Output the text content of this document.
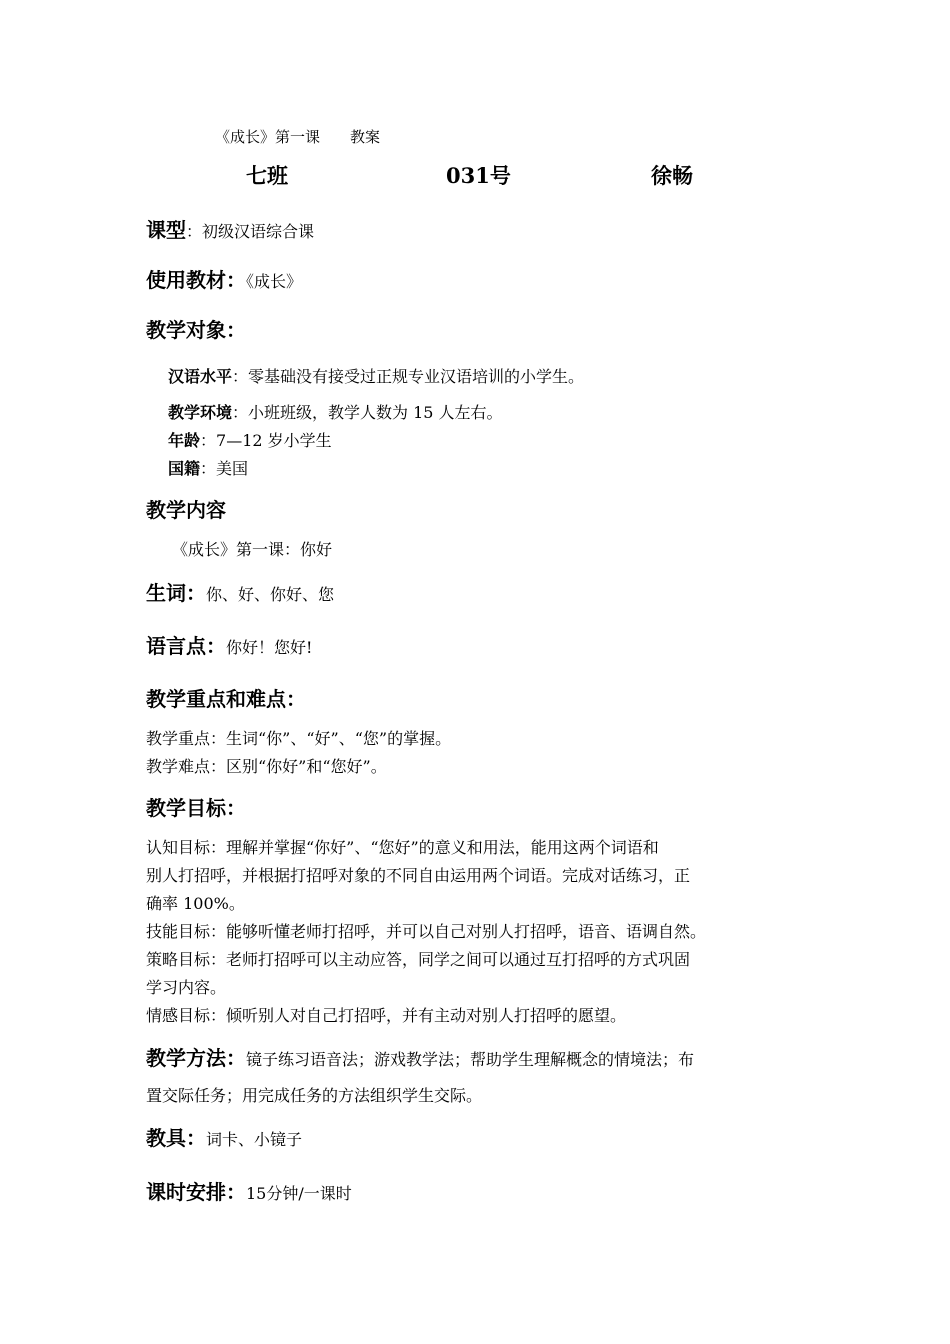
《成长》第一课　　教案
七班	031号	徐畅
课型：初级汉语综合课
使用教材：《成长》
教学对象：
汉语水平：零基础没有接受过正规专业汉语培训的小学生。
教学环境：小班班级，教学人数为 15 人左右。
年龄：7—12 岁小学生
国籍：美国
教学内容
《成长》第一课：你好
生词：你、好、你好、您
语言点：你好！您好!
教学重点和难点：
教学重点：生词“你”、“好”、“您”的掌握。
教学难点：区别“你好”和“您好”。
教学目标：
认知目标：理解并掌握“你好”、“您好”的意义和用法，能用这两个词语和
别人打招呼，并根据打招呼对象的不同自由运用两个词语。完成对话练习，正
确率 100%。
技能目标：能够听懂老师打招呼，并可以自己对别人打招呼，语音、语调自然。
策略目标：老师打招呼可以主动应答，同学之间可以通过互打招呼的方式巩固
学习内容。
情感目标：倾听别人对自己打招呼，并有主动对别人打招呼的愿望。
教学方法：镜子练习语音法；游戏教学法；帮助学生理解概念的情境法；布
置交际任务；用完成任务的方法组织学生交际。
教具：词卡、小镜子
课时安排：15分钟/一课时
